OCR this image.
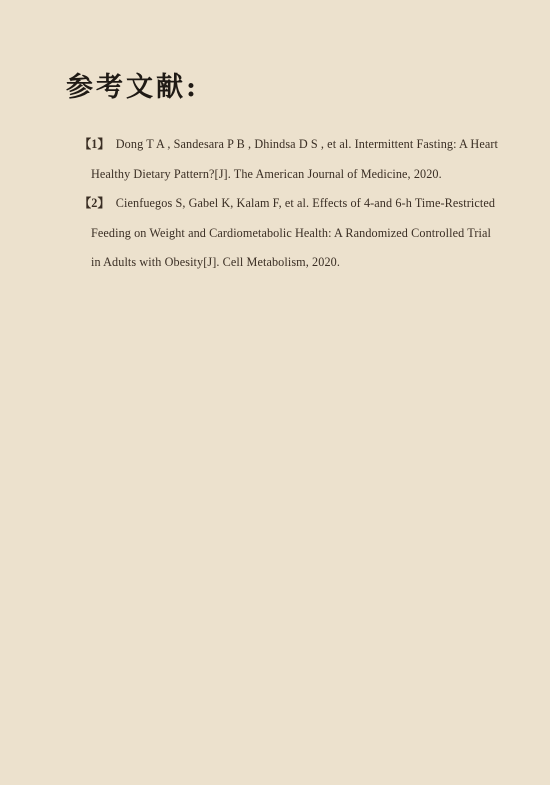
参考文献:

【1】 Dong T A , Sandesara P B , Dhindsa D S , et al. Intermittent Fasting: A Heart Healthy Dietary Pattern?[J]. The American Journal of Medicine, 2020.

【2】 Cienfuegos S, Gabel K, Kalam F, et al. Effects of 4-and 6-h Time-Restricted Feeding on Weight and Cardiometabolic Health: A Randomized Controlled Trial in Adults with Obesity[J]. Cell Metabolism, 2020.
